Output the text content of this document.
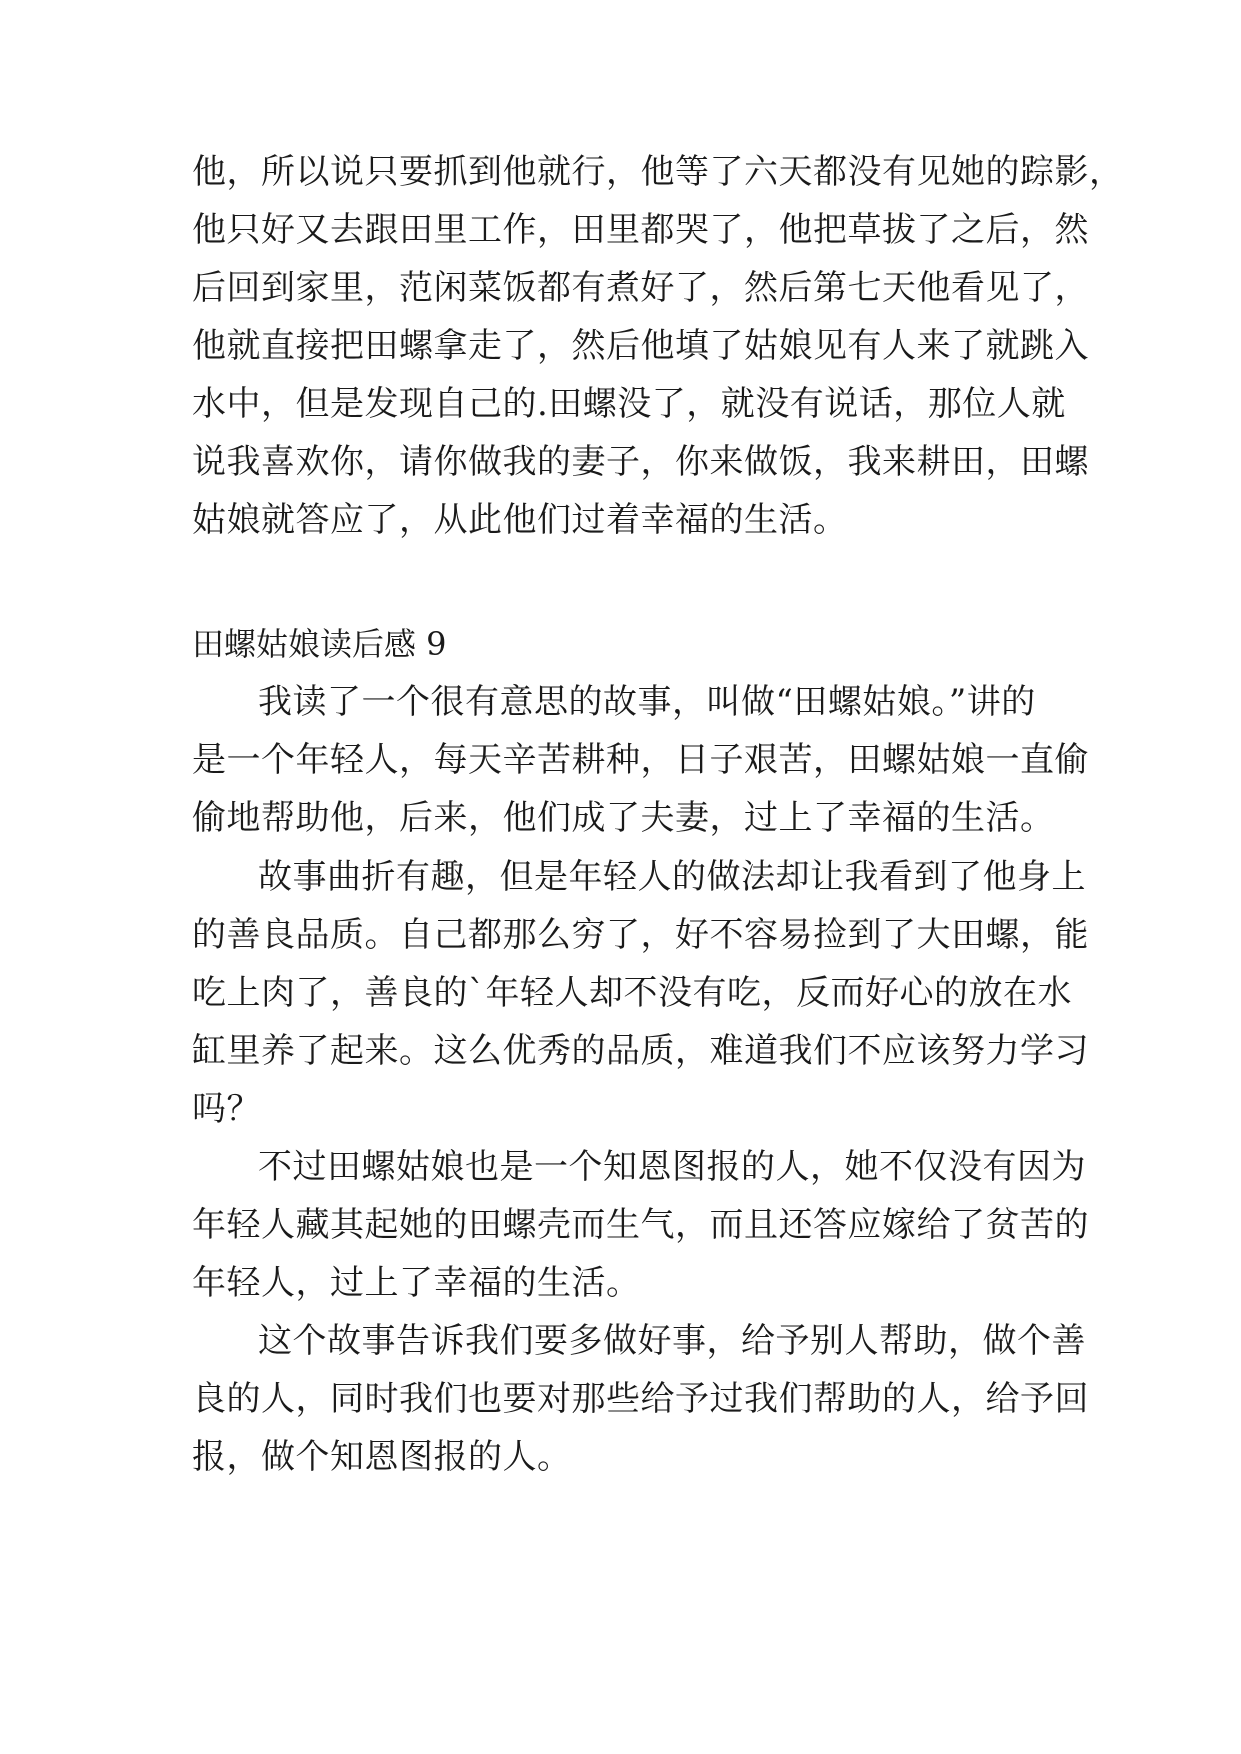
他，所以说只要抓到他就行，他等了六天都没有见她的踪影，
他只好又去跟田里工作，田里都哭了，他把草拔了之后，然
后回到家里，范闲菜饭都有煮好了，然后第七天他看见了，
他就直接把田螺拿走了，然后他填了姑娘见有人来了就跳入
水中，但是发现自己的.田螺没了，就没有说话，那位人就
说我喜欢你，请你做我的妻子，你来做饭，我来耕田，田螺
姑娘就答应了，从此他们过着幸福的生活。
田螺姑娘读后感 9
我读了一个很有意思的故事，叫做“田螺姑娘。”讲的
是一个年轻人，每天辛苦耕种，日子艰苦，田螺姑娘一直偷
偷地帮助他，后来，他们成了夫妻，过上了幸福的生活。
故事曲折有趣，但是年轻人的做法却让我看到了他身上
的善良品质。自己都那么穷了，好不容易捡到了大田螺，能
吃上肉了，善良的`年轻人却不没有吃，反而好心的放在水
缸里养了起来。这么优秀的品质，难道我们不应该努力学习
吗？
不过田螺姑娘也是一个知恩图报的人，她不仅没有因为
年轻人藏其起她的田螺壳而生气，而且还答应嫁给了贫苦的
年轻人，过上了幸福的生活。
这个故事告诉我们要多做好事，给予别人帮助，做个善
良的人，同时我们也要对那些给予过我们帮助的人，给予回
报，做个知恩图报的人。
